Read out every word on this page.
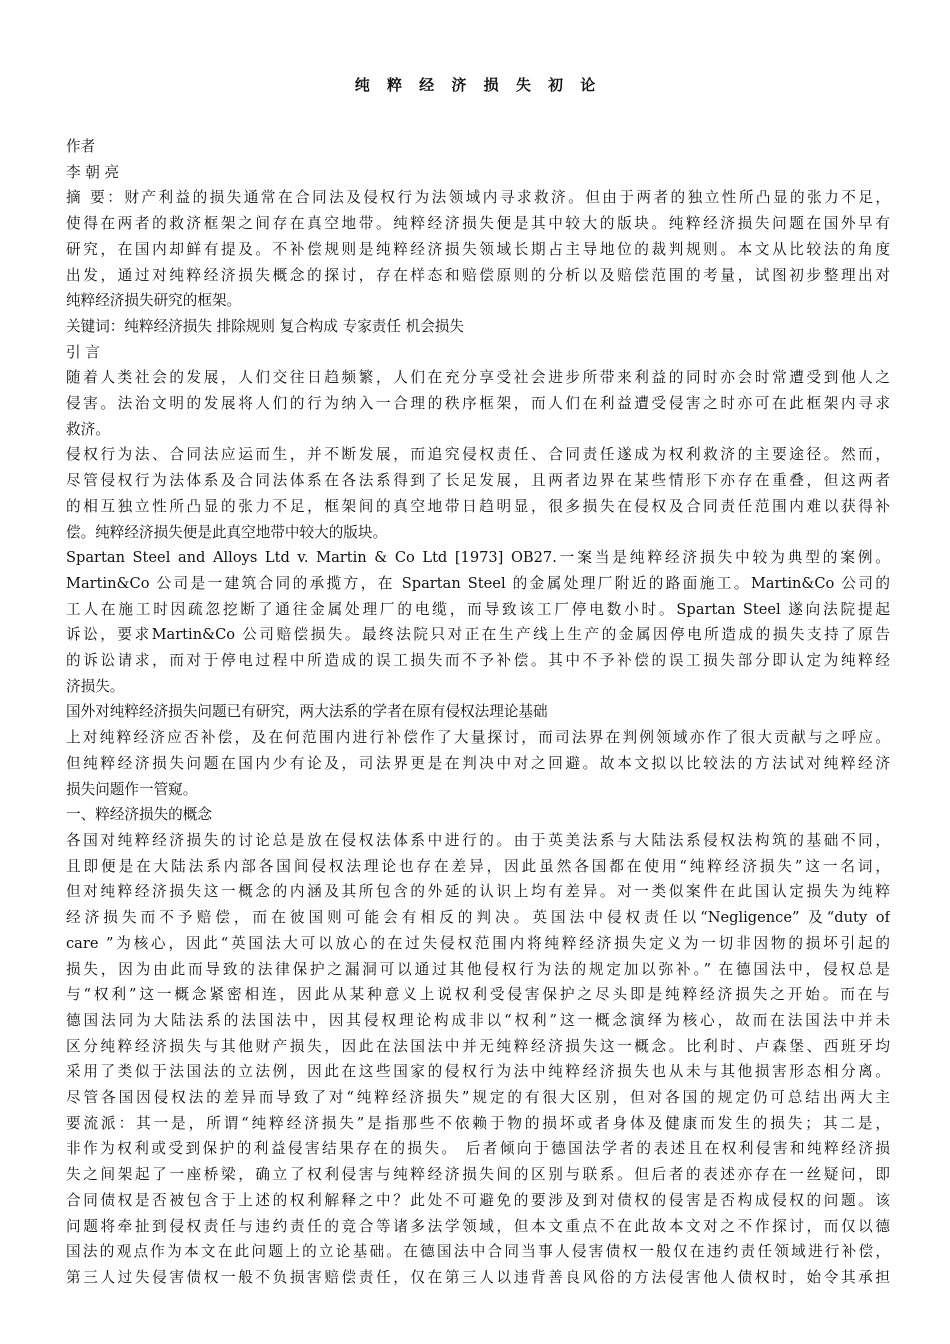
纯 粹 经 济 损 失 初 论

作者

李 朝 亮

摘 要：财产利益的损失通常在合同法及侵权行为法领域内寻求救济。但由于两者的独立性所凸显的张力不足，

使得在两者的救济框架之间存在真空地带。纯粹经济损失便是其中较大的版块。纯粹经济损失问题在国外早有

研究，在国内却鲜有提及。不补偿规则是纯粹经济损失领域长期占主导地位的裁判规则。本文从比较法的角度

出发，通过对纯粹经济损失概念的探讨，存在样态和赔偿原则的分析以及赔偿范围的考量，试图初步整理出对

纯粹经济损失研究的框架。

关键词：纯粹经济损失 排除规则 复合构成 专家责任 机会损失

引 言

随着人类社会的发展，人们交往日趋频繁，人们在充分享受社会进步所带来利益的同时亦会时常遭受到他人之

侵害。法治文明的发展将人们的行为纳入一合理的秩序框架，而人们在利益遭受侵害之时亦可在此框架内寻求

救济。

侵权行为法、合同法应运而生，并不断发展，而追究侵权责任、合同责任遂成为权利救济的主要途径。然而，

尽管侵权行为法体系及合同法体系在各法系得到了长足发展，且两者边界在某些情形下亦存在重叠，但这两者

的相互独立性所凸显的张力不足，框架间的真空地带日趋明显，很多损失在侵权及合同责任范围内难以获得补

偿。纯粹经济损失便是此真空地带中较大的版块。

Spartan Steel and Alloys Ltd v. Martin & Co Ltd [1973] OB27.一案当是纯粹经济损失中较为典型的案例。

Martin&Co 公司是一建筑合同的承揽方，在 Spartan Steel 的金属处理厂附近的路面施工。Martin&Co 公司的

工人在施工时因疏忽挖断了通往金属处理厂的电缆，而导致该工厂停电数小时。Spartan Steel 遂向法院提起

诉讼，要求Martin&Co 公司赔偿损失。最终法院只对正在生产线上生产的金属因停电所造成的损失支持了原告

的诉讼请求，而对于停电过程中所造成的误工损失而不予补偿。其中不予补偿的误工损失部分即认定为纯粹经

济损失。

国外对纯粹经济损失问题已有研究，两大法系的学者在原有侵权法理论基础

上对纯粹经济应否补偿，及在何范围内进行补偿作了大量探讨，而司法界在判例领域亦作了很大贡献与之呼应。

但纯粹经济损失问题在国内少有论及，司法界更是在判决中对之回避。故本文拟以比较法的方法试对纯粹经济

损失问题作一管窥。

一、粹经济损失的概念

各国对纯粹经济损失的讨论总是放在侵权法体系中进行的。由于英美法系与大陆法系侵权法构筑的基础不同，

且即便是在大陆法系内部各国间侵权法理论也存在差异，因此虽然各国都在使用“纯粹经济损失”这一名词，

但对纯粹经济损失这一概念的内涵及其所包含的外延的认识上均有差异。对一类似案件在此国认定损失为纯粹

经济损失而不予赔偿，而在彼国则可能会有相反的判决。英国法中侵权责任以“Negligence” 及“duty of

care ”为核心，因此“英国法大可以放心的在过失侵权范围内将纯粹经济损失定义为一切非因物的损坏引起的

损失，因为由此而导致的法律保护之漏洞可以通过其他侵权行为法的规定加以弥补。” 在德国法中，侵权总是

与“权利”这一概念紧密相连，因此从某种意义上说权利受侵害保护之尽头即是纯粹经济损失之开始。而在与

德国法同为大陆法系的法国法中，因其侵权理论构成非以“权利”这一概念演绎为核心，故而在法国法中并未

区分纯粹经济损失与其他财产损失，因此在法国法中并无纯粹经济损失这一概念。比利时、卢森堡、西班牙均

采用了类似于法国法的立法例，因此在这些国家的侵权行为法中纯粹经济损失也从未与其他损害形态相分离。

尽管各国因侵权法的差异而导致了对“纯粹经济损失”规定的有很大区别，但对各国的规定仍可总结出两大主

要流派：其一是，所谓“纯粹经济损失”是指那些不依赖于物的损坏或者身体及健康而发生的损失；其二是，

非作为权利或受到保护的利益侵害结果存在的损失。 后者倾向于德国法学者的表述且在权利侵害和纯粹经济损

失之间架起了一座桥梁，确立了权利侵害与纯粹经济损失间的区别与联系。但后者的表述亦存在一丝疑问，即

合同债权是否被包含于上述的权利解释之中？此处不可避免的要涉及到对债权的侵害是否构成侵权的问题。该

问题将牵扯到侵权责任与违约责任的竞合等诸多法学领域，但本文重点不在此故本文对之不作探讨，而仅以德

国法的观点作为本文在此问题上的立论基础。在德国法中合同当事人侵害债权一般仅在违约责任领域进行补偿，

第三人过失侵害债权一般不负损害赔偿责任，仅在第三人以违背善良风俗的方法侵害他人债权时，始令其承担
